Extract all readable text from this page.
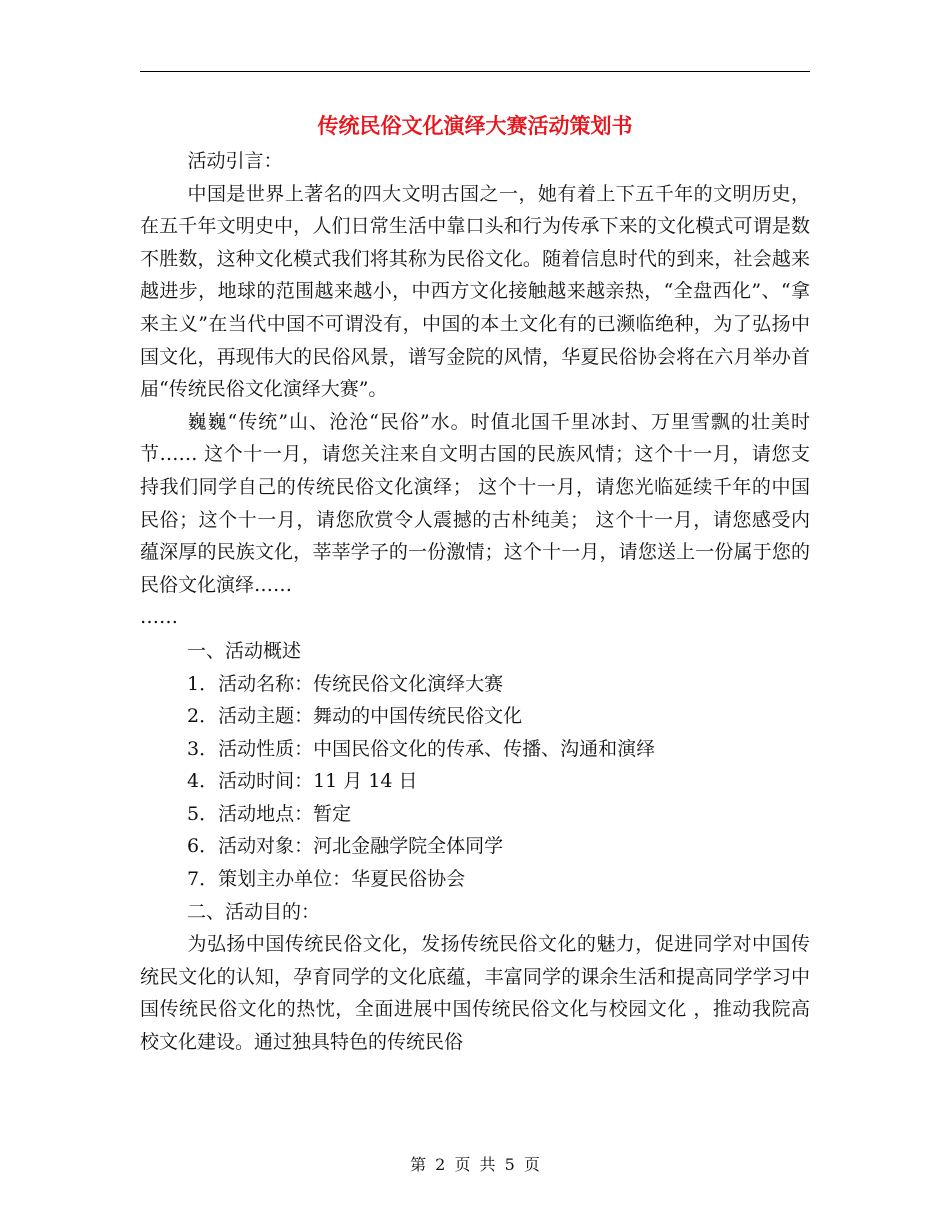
传统民俗文化演绎大赛活动策划书

活动引言：

中国是世界上著名的四大文明古国之一，她有着上下五千年的文明历史，在五千年文明史中，人们日常生活中靠口头和行为传承下来的文化模式可谓是数不胜数，这种文化模式我们将其称为民俗文化。随着信息时代的到来，社会越来越进步，地球的范围越来越小，中西方文化接触越来越亲热，“全盘西化”、“拿来主义”在当代中国不可谓没有，中国的本土文化有的已濒临绝种，为了弘扬中国文化，再现伟大的民俗风景，谱写金院的风情，华夏民俗协会将在六月举办首届“传统民俗文化演绎大赛”。

巍巍“传统”山、沧沧“民俗”水。时值北国千里冰封、万里雪飘的壮美时节…… 这个十一月，请您关注来自文明古国的民族风情；这个十一月，请您支持我们同学自己的传统民俗文化演绎； 这个十一月，请您光临延续千年的中国民俗；这个十一月，请您欣赏令人震撼的古朴纯美； 这个十一月，请您感受内蕴深厚的民族文化，莘莘学子的一份激情；这个十一月，请您送上一份属于您的民俗文化演绎……

……

一、活动概述

1．活动名称：传统民俗文化演绎大赛

2．活动主题：舞动的中国传统民俗文化

3．活动性质：中国民俗文化的传承、传播、沟通和演绎

4．活动时间：11 月 14 日

5．活动地点：暂定

6．活动对象：河北金融学院全体同学

7．策划主办单位：华夏民俗协会

二、活动目的：

为弘扬中国传统民俗文化，发扬传统民俗文化的魅力，促进同学对中国传统民文化的认知，孕育同学的文化底蕴，丰富同学的课余生活和提高同学学习中国传统民俗文化的热忱，全面进展中国传统民俗文化与校园文化 ，推动我院高校文化建设。通过独具特色的传统民俗

第 2 页 共 5 页
